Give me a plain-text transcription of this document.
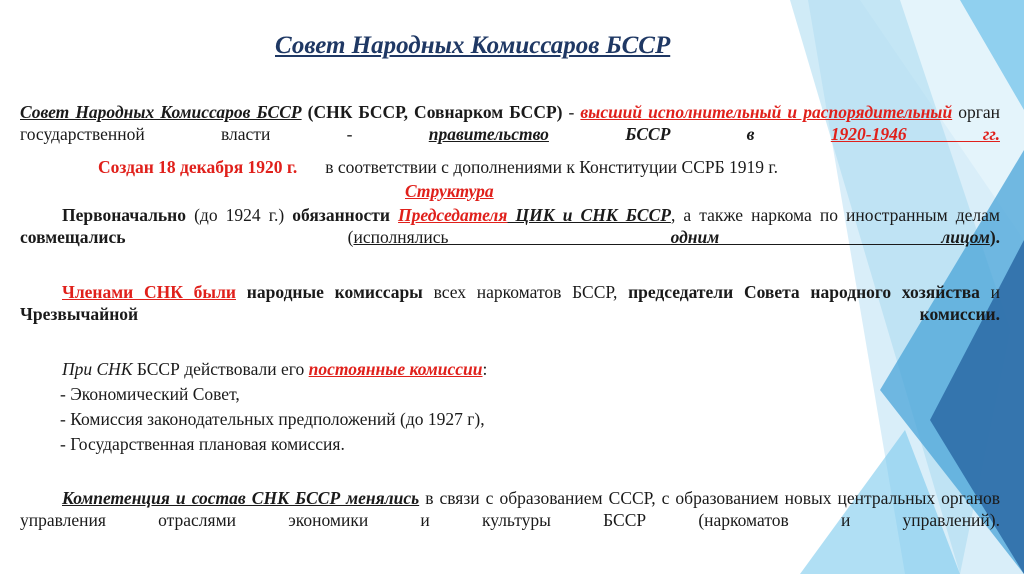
Совет Народных Комиссаров БССР
Совет Народных Комиссаров БССР (СНК БССР, Совнарком БССР) - высший исполнительный и распорядительный орган государственной власти - правительство БССР в 1920-1946 гг.
Создан 18 декабря 1920 г. в соответствии с дополнениями к Конституции ССРБ 1919 г.
Структура
Первоначально (до 1924 г.) обязанности Председателя ЦИК и СНК БССР, а также наркома по иностранным делам совмещались (исполнялись одним лицом).
Членами СНК были народные комиссары всех наркоматов БССР, председатели Совета народного хозяйства и Чрезвычайной комиссии.
При СНК БССР действовали его постоянные комиссии:
- Экономический Совет,
- Комиссия законодательных предположений (до 1927 г),
- Государственная плановая комиссия.
Компетенция и состав СНК БССР менялись в связи с образованием СССР, с образованием новых центральных органов управления отраслями экономики и культуры БССР (наркоматов и управлений).
